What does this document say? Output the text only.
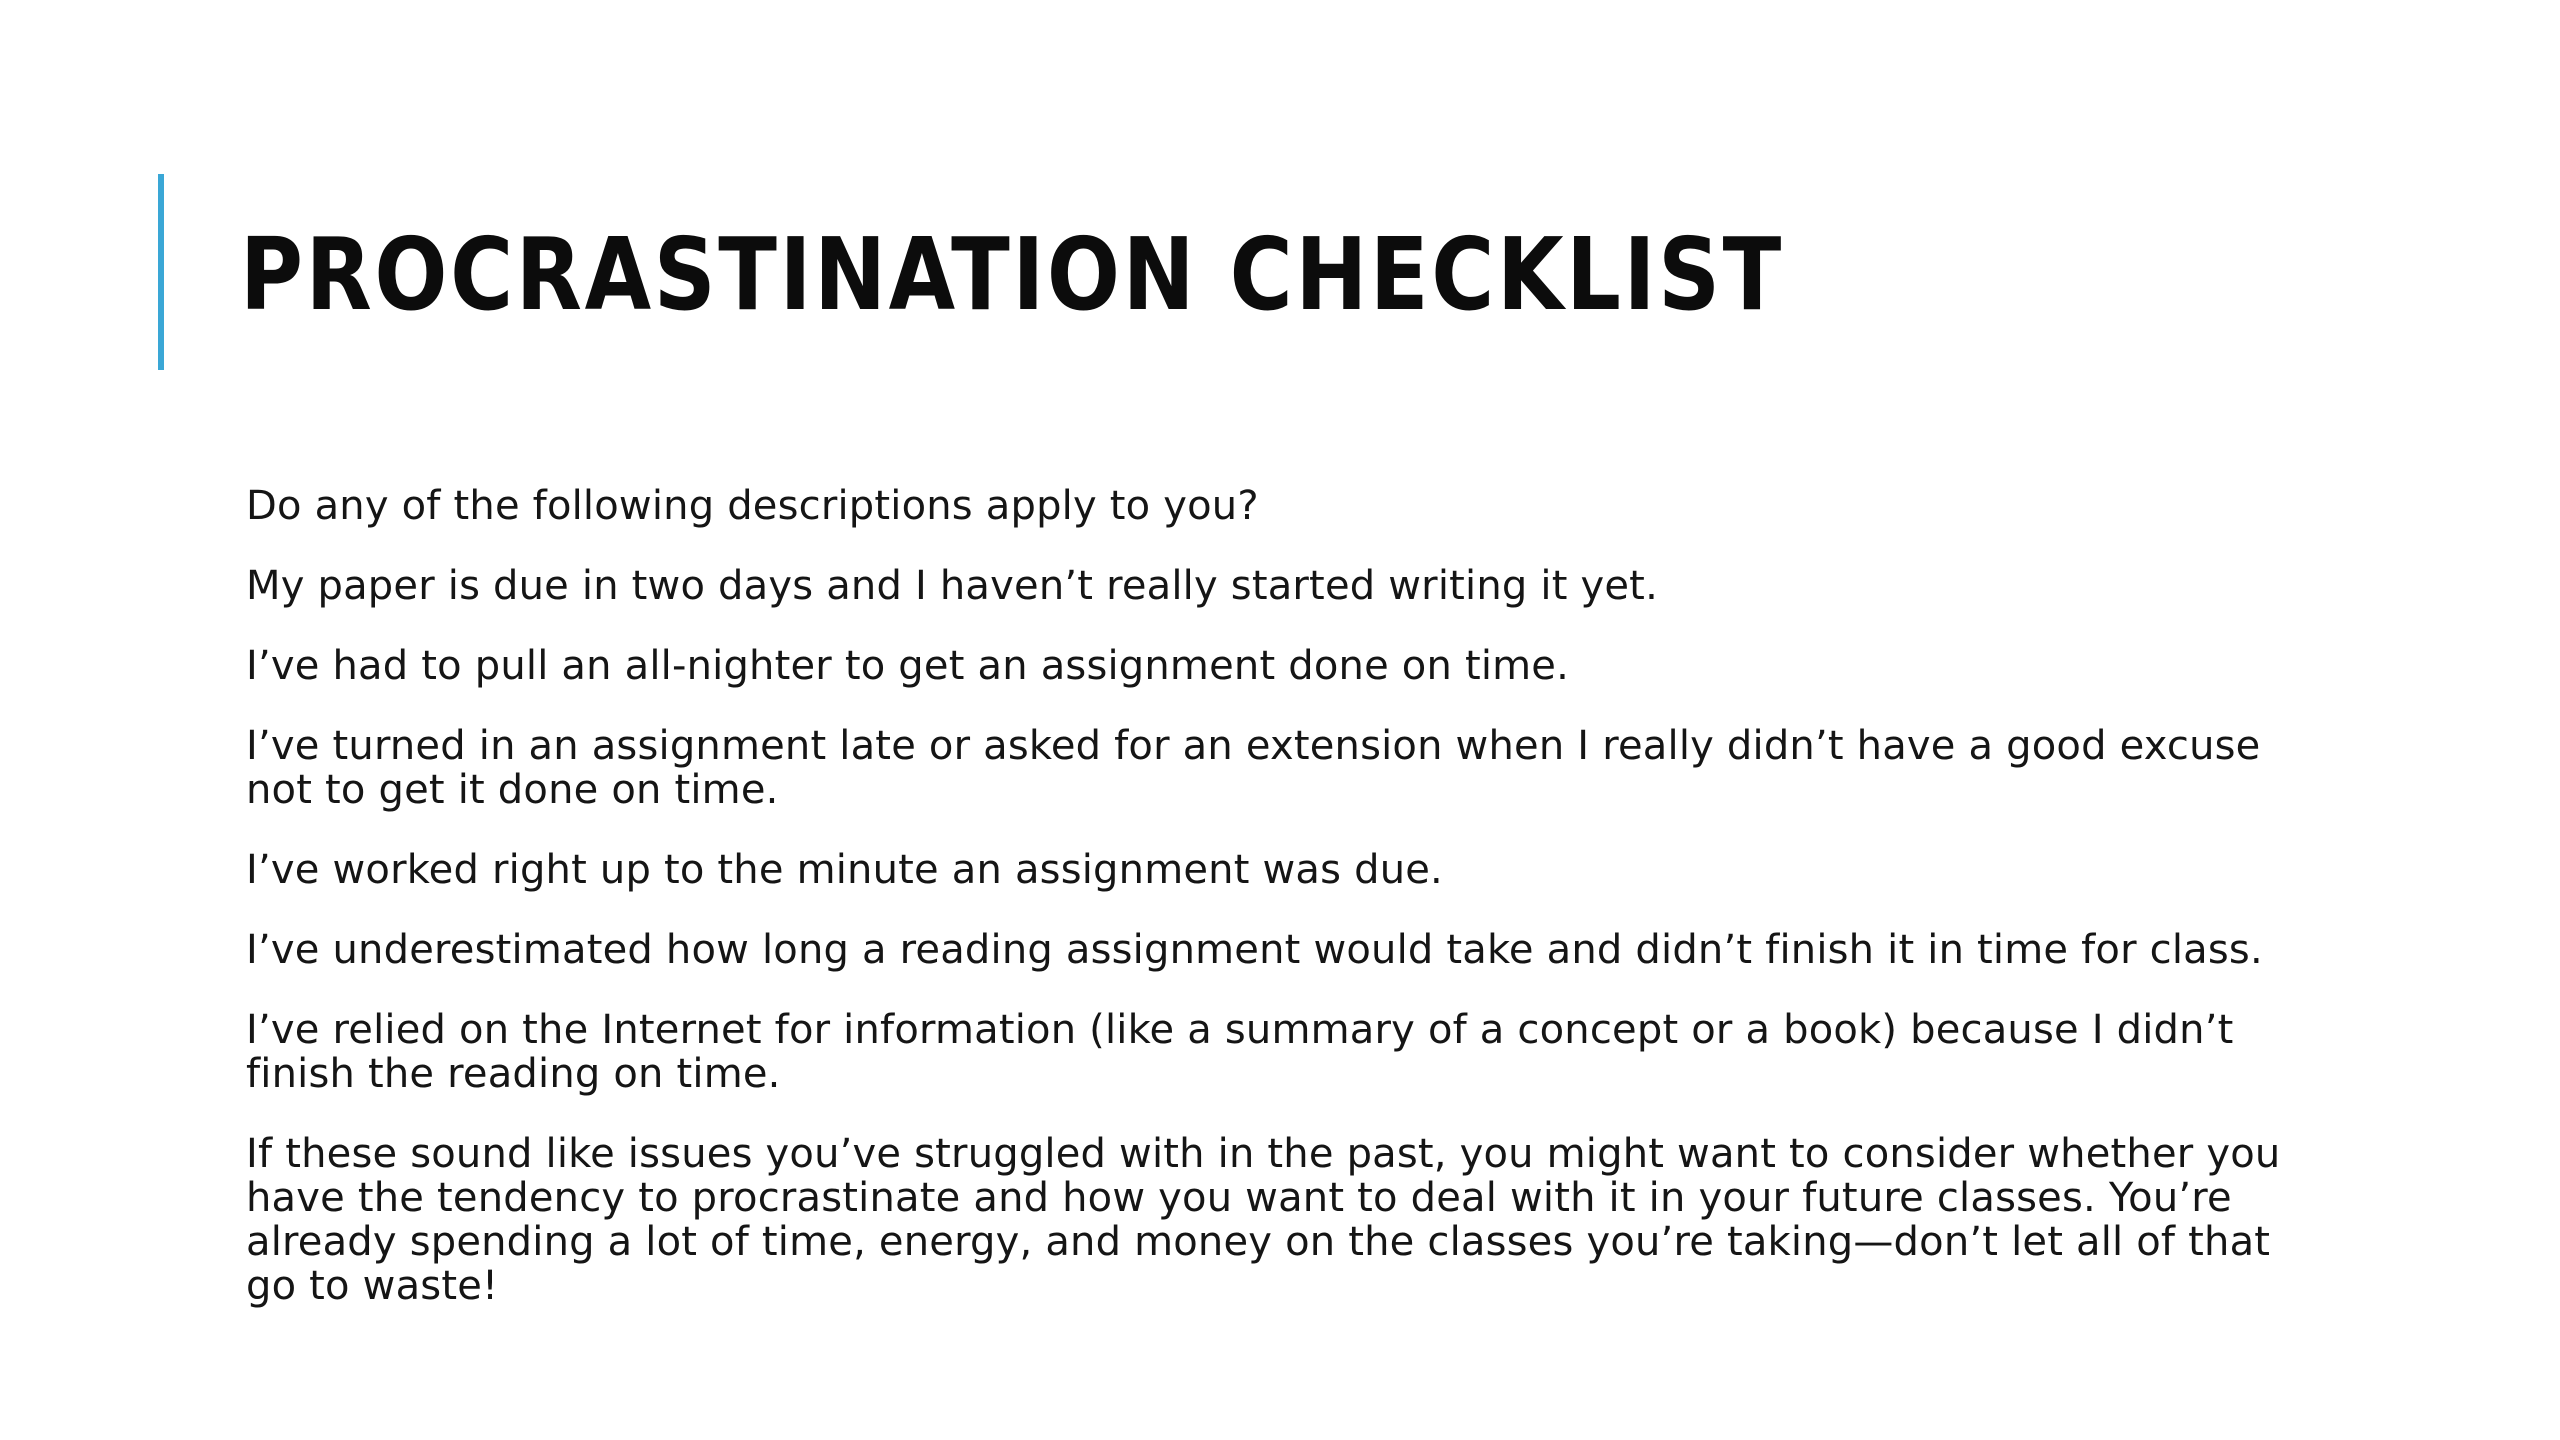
PROCRASTINATION CHECKLIST

Do any of the following descriptions apply to you?

My paper is due in two days and I haven’t really started writing it yet.

I’ve had to pull an all-nighter to get an assignment done on time.

I’ve turned in an assignment late or asked for an extension when I really didn’t have a good excuse not to get it done on time.

I’ve worked right up to the minute an assignment was due.

I’ve underestimated how long a reading assignment would take and didn’t finish it in time for class.

I’ve relied on the Internet for information (like a summary of a concept or a book) because I didn’t finish the reading on time.

If these sound like issues you’ve struggled with in the past, you might want to consider whether you have the tendency to procrastinate and how you want to deal with it in your future classes. You’re already spending a lot of time, energy, and money on the classes you’re taking—don’t let all of that go to waste!
